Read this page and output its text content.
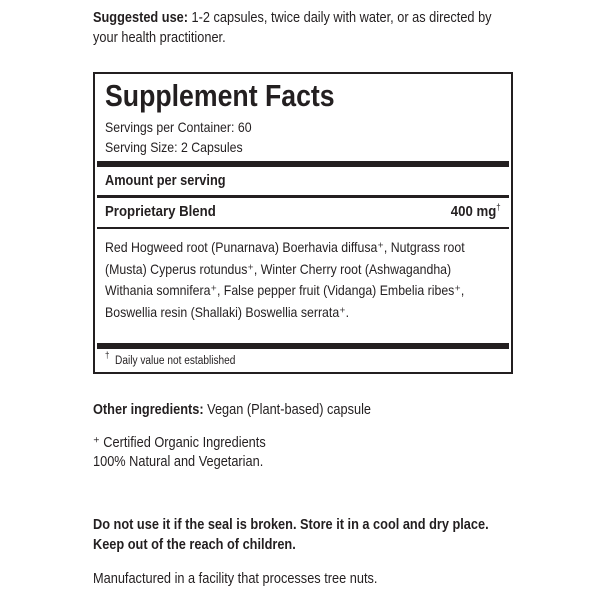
Suggested use: 1-2 capsules, twice daily with water, or as directed by
your health practitioner.
Supplement Facts
Servings per Container: 60
Serving Size: 2 Capsules
Amount per serving
Proprietary Blend	400 mg†
Red Hogweed root (Punarnava) Boerhavia diffusa⁺, Nutgrass root
(Musta) Cyperus rotundus⁺, Winter Cherry root (Ashwagandha)
Withania somnifera⁺, False pepper fruit (Vidanga) Embelia ribes⁺,
Boswellia resin (Shallaki) Boswellia serrata⁺.
†  Daily value not established
Other ingredients: Vegan (Plant-based) capsule
⁺ Certified Organic Ingredients
100% Natural and Vegetarian.
Do not use it if the seal is broken. Store it in a cool and dry place.
Keep out of the reach of children.
Manufactured in a facility that processes tree nuts.
